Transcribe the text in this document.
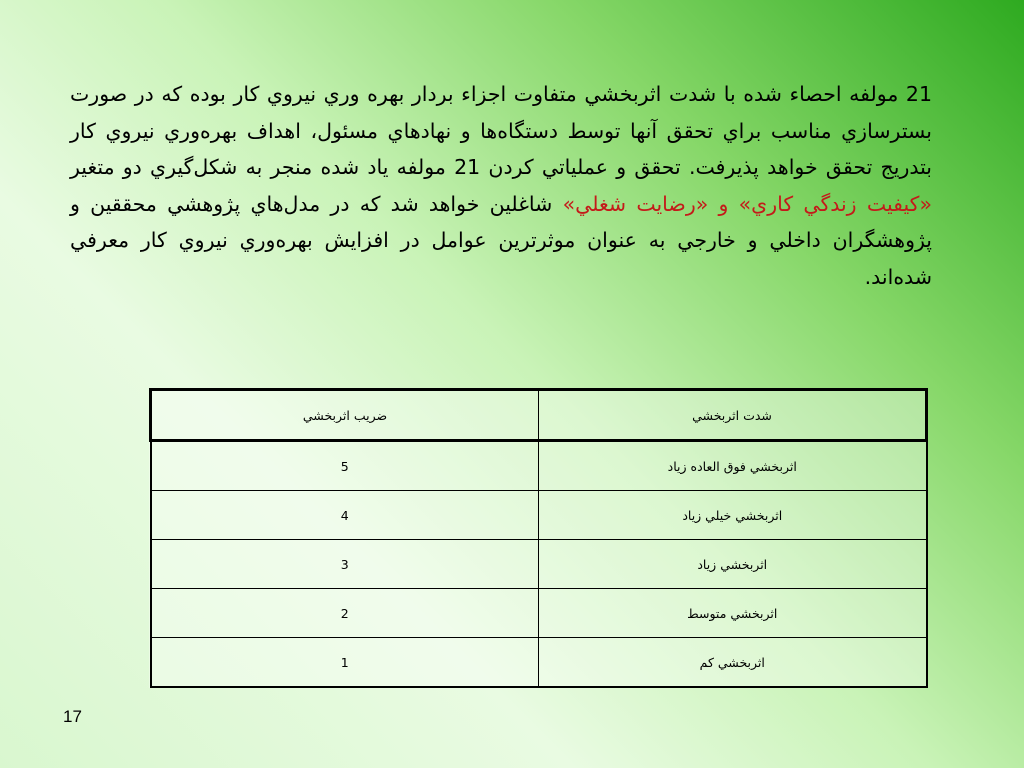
21 مولفه احصاء شده با شدت اثربخشي متفاوت اجزاء بردار بهره وري نيروي كار بوده كه در صورت بسترسازي مناسب براي تحقق آنها توسط دستگاه‌ها و نهادهاي مسئول، اهداف بهره‌وري نيروي كار بتدريج تحقق خواهد پذيرفت. تحقق و عملياتي كردن 21 مولفه ياد شده منجر به شكل‌گيري دو متغير «كيفيت زندگي كاري» و «رضايت شغلي» شاغلين خواهد شد كه در مدل‌هاي پژوهشي محققين و پژوهشگران داخلي و خارجي به عنوان موثرترين عوامل در افزايش بهره‌وري نيروي كار معرفي شده‌اند.
شدت اثربخشي	ضريب اثربخشي
اثربخشي فوق العاده زياد	5
اثربخشي خيلي زياد	4
اثربخشي زياد	3
اثربخشي متوسط	2
اثربخشي كم	1
17
